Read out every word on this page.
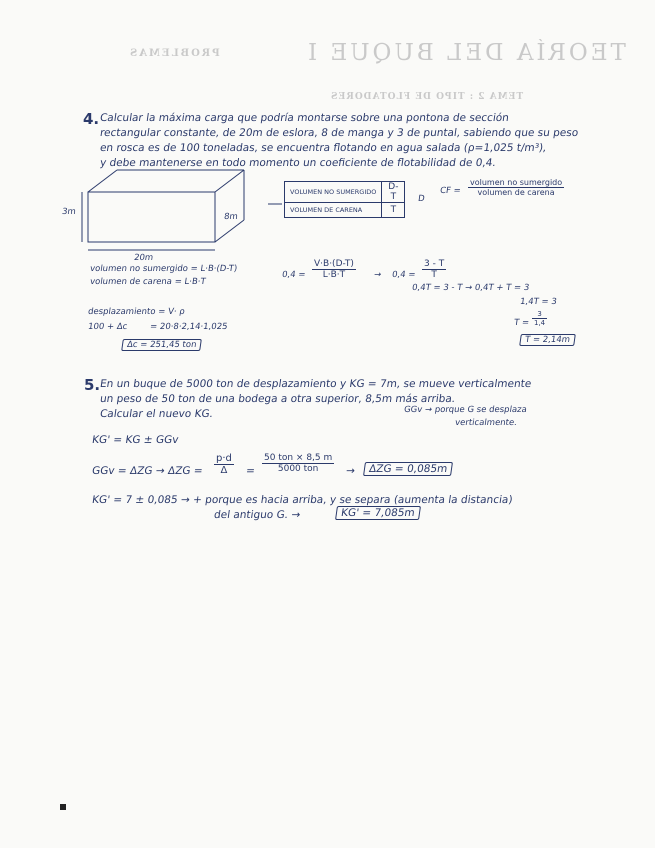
TEORÍA DEL BUQUE I
PROBLEMAS
TEMA 2 : TIPO DE FLOTADORES
4. Calcular la máxima carga que podría montarse sobre una pontona de sección
rectangular constante, de 20m de eslora, 8 de manga y 3 de puntal, sabiendo que su peso
en rosca es de 100 toneladas, se encuentra flotando en agua salada (ρ=1,025 t/m³),
y debe mantenerse en todo momento un coeficiente de flotabilidad de 0,4.
3m	8m
20m
VOLUMEN NO SUMERGIDO	D-T
VOLUMEN DE CARENA	T
D
CF =
volumen no sumergido
volumen de carena
volumen no sumergido = L·B·(D-T)
volumen de carena = L·B·T
$0,4 = \frac{V\cdot B\cdot(D-T)}{L\cdot B\cdot T} \to 0,4 = \frac{3 - T}{T}$
0,4T = 3 - T → 0,4T + T = 3
1,4T = 3
$T = \frac{3}{1,4}$
T = 2,14m
desplazamiento = V· ρ
100 + Δc	= 20·8·2,14·1,025
Δc = 251,45 ton
5. En un buque de 5000 ton de desplazamiento y KG = 7m, se mueve verticalmente
un peso de 50 ton de una bodega a otra superior, 8,5m más arriba.
Calcular el nuevo KG.	GGv → porque G se desplaza
verticalmente.
KG' = KG ± GGv
GGv = $\Delta ZG \to \Delta ZG = \frac{p\cdot d}{\Delta}$ =
50 ton × 8,5 m
5000 ton	→	ΔZG = 0,085m
KG' = 7 ± 0,085 → + porque es hacia arriba, y se separa (aumenta la distancia)
del antiguo G. →	KG' = 7,085m
